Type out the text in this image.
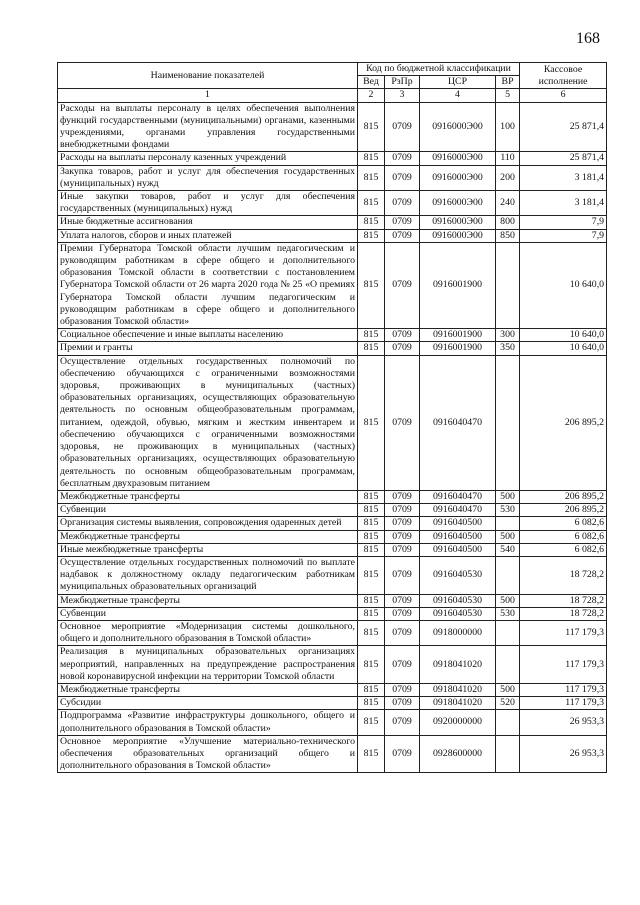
168
Наименование показателей	Код по бюджетной классификации				Кассовое исполнение
	Вед	РзПр	ЦСР	ВР	
1	2	3	4	5	6
Расходы на выплаты персоналу в целях обеспечения выполнения функций государственными (муниципальными) органами, казенными учреждениями, органами управления государственными внебюджетными фондами	815	0709	0916000Э00	100	25 871,4
Расходы на выплаты персоналу казенных учреждений	815	0709	0916000Э00	110	25 871,4
Закупка товаров, работ и услуг для обеспечения государственных (муниципальных) нужд	815	0709	0916000Э00	200	3 181,4
Иные закупки товаров, работ и услуг для обеспечения государственных (муниципальных) нужд	815	0709	0916000Э00	240	3 181,4
Иные бюджетные ассигнования	815	0709	0916000Э00	800	7,9
Уплата налогов, сборов и иных платежей	815	0709	0916000Э00	850	7,9
Премии Губернатора Томской области лучшим педагогическим и руководящим работникам в сфере общего и дополнительного образования Томской области в соответствии с постановлением Губернатора Томской области от 26 марта 2020 года № 25 «О премиях Губернатора Томской области лучшим педагогическим и руководящим работникам в сфере общего и дополнительного образования Томской области»	815	0709	0916001900		10 640,0
Социальное обеспечение и иные выплаты населению	815	0709	0916001900	300	10 640,0
Премии и гранты	815	0709	0916001900	350	10 640,0
Осуществление отдельных государственных полномочий по обеспечению обучающихся с ограниченными возможностями здоровья, проживающих в муниципальных (частных) образовательных организациях, осуществляющих образовательную деятельность по основным общеобразовательным программам, питанием, одеждой, обувью, мягким и жестким инвентарем и обеспечению обучающихся с ограниченными возможностями здоровья, не проживающих в муниципальных (частных) образовательных организациях, осуществляющих образовательную деятельность по основным общеобразовательным программам, бесплатным двухразовым питанием	815	0709	0916040470		206 895,2
Межбюджетные трансферты	815	0709	0916040470	500	206 895,2
Субвенции	815	0709	0916040470	530	206 895,2
Организация системы выявления, сопровождения одаренных детей	815	0709	0916040500		6 082,6
Межбюджетные трансферты	815	0709	0916040500	500	6 082,6
Иные межбюджетные трансферты	815	0709	0916040500	540	6 082,6
Осуществление отдельных государственных полномочий по выплате надбавок к должностному окладу педагогическим работникам муниципальных образовательных организаций	815	0709	0916040530		18 728,2
Межбюджетные трансферты	815	0709	0916040530	500	18 728,2
Субвенции	815	0709	0916040530	530	18 728,2
Основное мероприятие «Модернизация системы дошкольного, общего и дополнительного образования в Томской области»	815	0709	0918000000		117 179,3
Реализация в муниципальных образовательных организациях мероприятий, направленных на предупреждение распространения новой коронавирусной инфекции на территории Томской области	815	0709	0918041020		117 179,3
Межбюджетные трансферты	815	0709	0918041020	500	117 179,3
Субсидии	815	0709	0918041020	520	117 179,3
Подпрограмма «Развитие инфраструктуры дошкольного, общего и дополнительного образования в Томской области»	815	0709	0920000000		26 953,3
Основное мероприятие «Улучшение материально-технического обеспечения образовательных организаций общего и дополнительного образования в Томской области»	815	0709	0928600000		26 953,3
